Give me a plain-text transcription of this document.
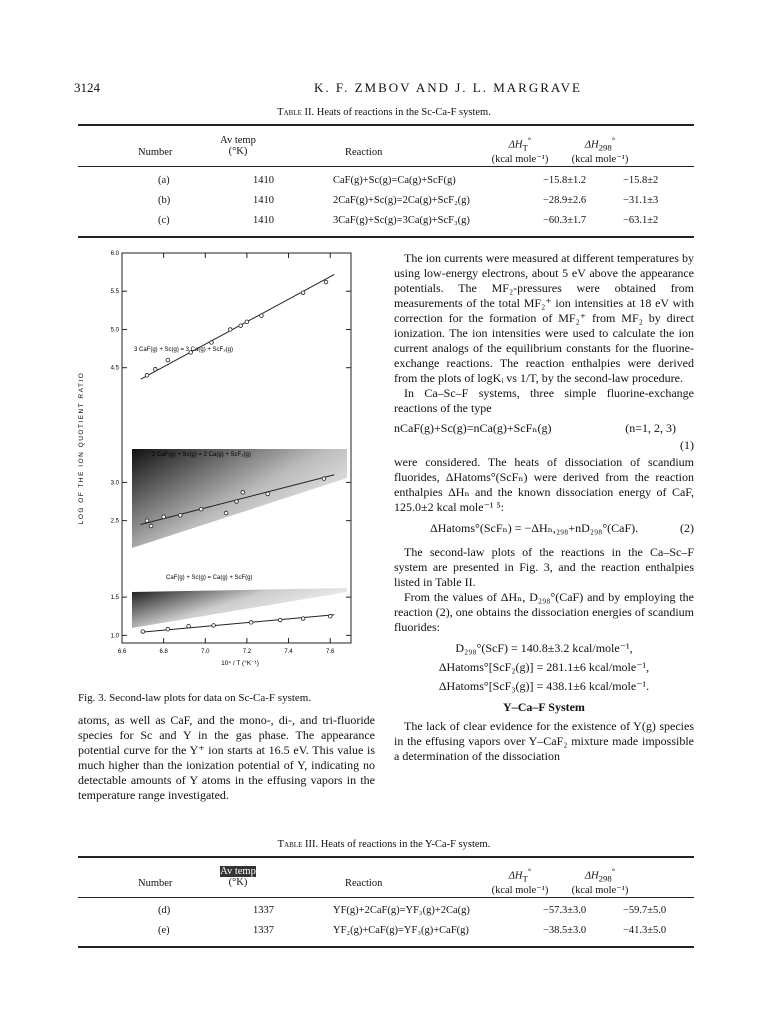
3124	K. F. ZMBOV AND J. L. MARGRAVE
Table II. Heats of reactions in the Sc-Ca-F system.
Number
Av temp
(°K)	Reaction
$\Delta H_T^\circ$
(kcal mole⁻¹)
$\Delta H_{298}^\circ$
(kcal mole⁻¹)
(a)	1410	CaF(g)+Sc(g)=Ca(g)+ScF(g)	−15.8±1.2	−15.8±2
(b)	1410	2CaF(g)+Sc(g)=2Ca(g)+ScF₂(g)	−28.9±2.6	−31.1±3
(c)	1410	3CaF(g)+Sc(g)=3Ca(g)+ScF₃(g)	−60.3±1.7	−63.1±2
1.0
1.5
2.5
3.0
4.5
5.0
5.5
6.0
6.6	6.8	7.0	7.2	7.4	7.6
3 CaF(g) + Sc(g) = 3 Ca(g) + ScF₃(g)
2 CaF(g) + Sc(g) = 2 Ca(g) + ScF₂(g)
CaF(g) + Sc(g) = Ca(g) + ScF(g)
10⁴ / T (°K⁻¹)
LOG OF THE ION QUOTIENT RATIO
Fig. 3. Second-law plots for data on Sc-Ca-F system.

atoms, as well as CaF, and the mono-, di-, and tri-fluoride species for Sc and Y in the gas phase. The appearance potential curve for the Y⁺ ion starts at 16.5 eV. This value is much higher than the ionization potential of Y, indicating no detectable amounts of Y atoms in the effusing vapors in the temperature range investigated.

The ion currents were measured at different temperatures by using low-energy electrons, about 5 eV above the appearance potentials. The MF₂-pressures were obtained from measurements of the total MF₂⁺ ion intensities at 18 eV with correction for the formation of MF₂⁺ from MF₂ by direct ionization. The ion intensities were used to calculate the ion current analogs of the equilibrium constants for the fluorine-exchange reactions. The reaction enthalpies were derived from the plots of logKᵢ vs 1/T, by the second-law procedure.

In Ca–Sc–F systems, three simple fluorine-exchange reactions of the type

nCaF(g)+Sc(g)=nCa(g)+ScFₙ(g)	(n=1, 2, 3)
(1)

were considered. The heats of dissociation of scandium fluorides, ΔHatoms°(ScFₙ) were derived from the reaction enthalpies ΔHₙ and the known dissociation energy of CaF, 125.0±2 kcal mole⁻¹ ⁵:

ΔHatoms°(ScFₙ) = −ΔHₙ,₂₉₈+nD₂₉₈°(CaF).	(2)

The second-law plots of the reactions in the Ca–Sc–F system are presented in Fig. 3, and the reaction enthalpies listed in Table II.

From the values of ΔHₙ, D₂₉₈°(CaF) and by employing the reaction (2), one obtains the dissociation energies of scandium fluorides:

D₂₉₈°(ScF) = 140.8±3.2 kcal/mole⁻¹,
ΔHatoms°[ScF₂(g)] = 281.1±6 kcal/mole⁻¹,
ΔHatoms°[ScF₃(g)] = 438.1±6 kcal/mole⁻¹.
Y–Ca–F System

The lack of clear evidence for the existence of Y(g) species in the effusing vapors over Y–CaF₂ mixture made impossible a determination of the dissociation

Table III. Heats of reactions in the Y-Ca-F system.
Number
Av temp
(°K)	Reaction
$\Delta H_T^\circ$
(kcal mole⁻¹)
$\Delta H_{298}^\circ$
(kcal mole⁻¹)
(d)	1337	YF(g)+2CaF(g)=YF₃(g)+2Ca(g)	−57.3±3.0	−59.7±5.0
(e)	1337	YF₂(g)+CaF(g)=YF₃(g)+CaF(g)	−38.5±3.0	−41.3±5.0
